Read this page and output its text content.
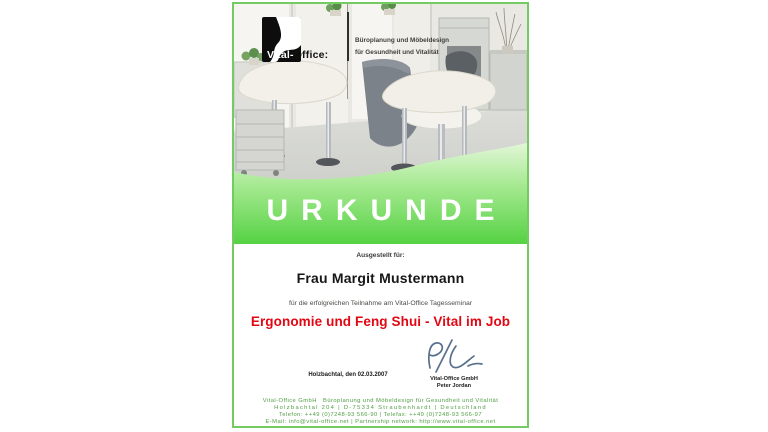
Vital-Office:
Büroplanung und Möbeldesign
für Gesundheit und Vitalität
URKUNDE
Ausgestellt für:
Frau Margit Mustermann
für die erfolgreichen Teilnahme am Vital-Office Tagesseminar
Ergonomie und Feng Shui - Vital im Job
Holzbachtal, den 02.03.2007
Vital-Office GmbH
Peter Jordan
Vital-Office GmbH   Büroplanung und Möbeldesign für Gesundheit und Vitalität
Holzbachtal 204 | D-75334 Straubenhardt | Deutschland
Telefon: ++49 (0)7248-93 566-90 | Telefax: ++49 (0)7248-93 566-97
E-Mail: info@vital-office.net | Partnership network: http://www.vital-office.net
